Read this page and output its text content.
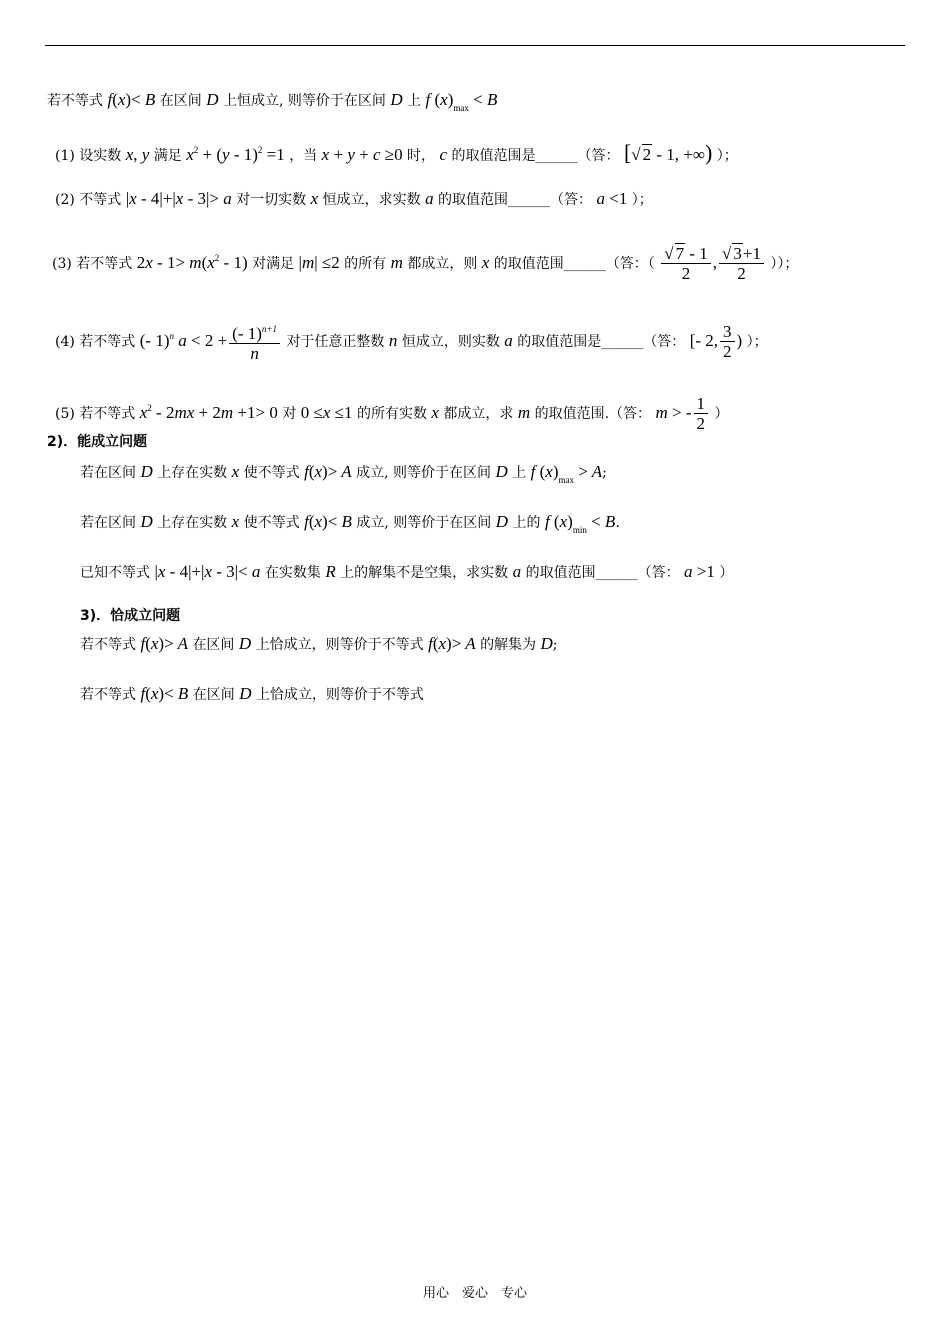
若不等式 f(x)< B 在区间 D 上恒成立, 则等价于在区间 D 上 f $(x)_{max} < B$
(1) 设实数 x, y 满足 $x^2 + (y - 1)^2 =1$ ，当 x + y + c ≥0 时， c 的取值范围是______（答： [√ 2 - 1, +∞) ）；
(2) 不等式 |x - 4|+|x - 3|> a 对一切实数 x 恒成立，求实数 a 的取值范围______（答： a <1 ）；
(3) 若不等式 $2x - 1> m(x^2 - 1)$ 对满足 |m| ≤2 的所有 m 都成立，则 x 的取值范围______（答：（ $\frac{√ 7 - 1}{2}$ , $\frac{√ 3+1}{2}$ ））；
(4) 若不等式 (- 1)$^n$ $a < 2 + \frac{(- 1)^{n+1}}{n}$ 对于任意正整数 n 恒成立，则实数 a 的取值范围是______（答： [- 2, $\frac{3}{2}$ ) ）；
(5) 若不等式 $x^2 - 2mx + 2m +1> 0$ 对 0 ≤x ≤1 的所有实数 x 都成立，求 m 的取值范围.（答： m > - $\frac{1}{2}$ ）
2)．能成立问题
若在区间 D 上存在实数 x 使不等式 f(x)> A 成立, 则等价于在区间 D 上 f $(x)_{max} > A$;
若在区间 D 上存在实数 x 使不等式 f(x)< B 成立, 则等价于在区间 D 上的 f $(x)_{min} < B$.
已知不等式 |x - 4|+|x - 3|< a 在实数集 R 上的解集不是空集，求实数 a 的取值范围______（答： a >1 ）
3)．恰成立问题
若不等式 f(x)> A 在区间 D 上恰成立，则等价于不等式 f(x)> A 的解集为 D;
若不等式 f(x)< B 在区间 D 上恰成立，则等价于不等式
用心　爱心　专心
